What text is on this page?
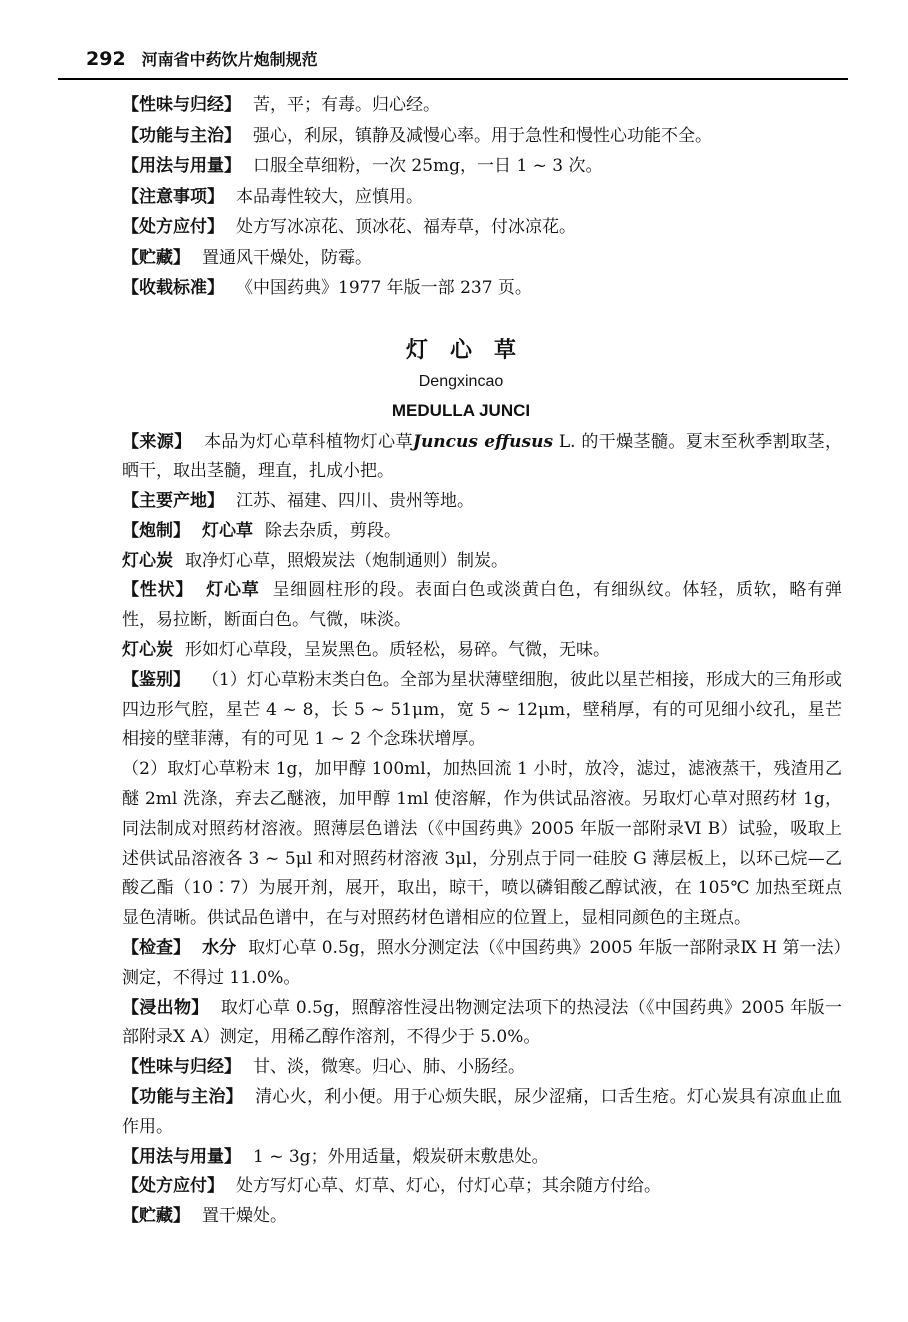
292 河南省中药饮片炮制规范

【性味与归经】 苦，平；有毒。归心经。

【功能与主治】 强心，利尿，镇静及减慢心率。用于急性和慢性心功能不全。

【用法与用量】 口服全草细粉，一次 25mg，一日 1 ~ 3 次。

【注意事项】 本品毒性较大，应慎用。

【处方应付】 处方写冰凉花、顶冰花、福寿草，付冰凉花。

【贮藏】 置通风干燥处，防霉。

【收载标准】 《中国药典》1977 年版一部 237 页。

灯心草
Dengxincao
MEDULLA JUNCI

【来源】 本品为灯心草科植物灯心草Juncus effusus L. 的干燥茎髓。夏末至秋季割取茎，晒干，取出茎髓，理直，扎成小把。

【主要产地】 江苏、福建、四川、贵州等地。

【炮制】 灯心草 除去杂质，剪段。

灯心炭 取净灯心草，照煅炭法（炮制通则）制炭。

【性状】 灯心草 呈细圆柱形的段。表面白色或淡黄白色，有细纵纹。体轻，质软，略有弹性，易拉断，断面白色。气微，味淡。

灯心炭 形如灯心草段，呈炭黑色。质轻松，易碎。气微，无味。

【鉴别】 （1）灯心草粉末类白色。全部为星状薄壁细胞，彼此以星芒相接，形成大的三角形或四边形气腔，星芒 4 ~ 8，长 5 ~ 51μm，宽 5 ~ 12μm，壁稍厚，有的可见细小纹孔，星芒相接的壁菲薄，有的可见 1 ~ 2 个念珠状增厚。

（2）取灯心草粉末 1g，加甲醇 100ml，加热回流 1 小时，放冷，滤过，滤液蒸干，残渣用乙醚 2ml 洗涤，弃去乙醚液，加甲醇 1ml 使溶解，作为供试品溶液。另取灯心草对照药材 1g，同法制成对照药材溶液。照薄层色谱法（《中国药典》2005 年版一部附录Ⅵ B）试验，吸取上述供试品溶液各 3 ~ 5μl 和对照药材溶液 3μl，分别点于同一硅胶 G 薄层板上，以环己烷—乙酸乙酯（10∶7）为展开剂，展开，取出，晾干，喷以磷钼酸乙醇试液，在 105℃ 加热至斑点显色清晰。供试品色谱中，在与对照药材色谱相应的位置上，显相同颜色的主斑点。

【检查】 水分 取灯心草 0.5g，照水分测定法（《中国药典》2005 年版一部附录Ⅸ H 第一法）测定，不得过 11.0%。

【浸出物】 取灯心草 0.5g，照醇溶性浸出物测定法项下的热浸法（《中国药典》2005 年版一部附录Ⅹ A）测定，用稀乙醇作溶剂，不得少于 5.0%。

【性味与归经】 甘、淡，微寒。归心、肺、小肠经。

【功能与主治】 清心火，利小便。用于心烦失眠，尿少涩痛，口舌生疮。灯心炭具有凉血止血作用。

【用法与用量】 1 ~ 3g；外用适量，煅炭研末敷患处。

【处方应付】 处方写灯心草、灯草、灯心，付灯心草；其余随方付给。

【贮藏】 置干燥处。
